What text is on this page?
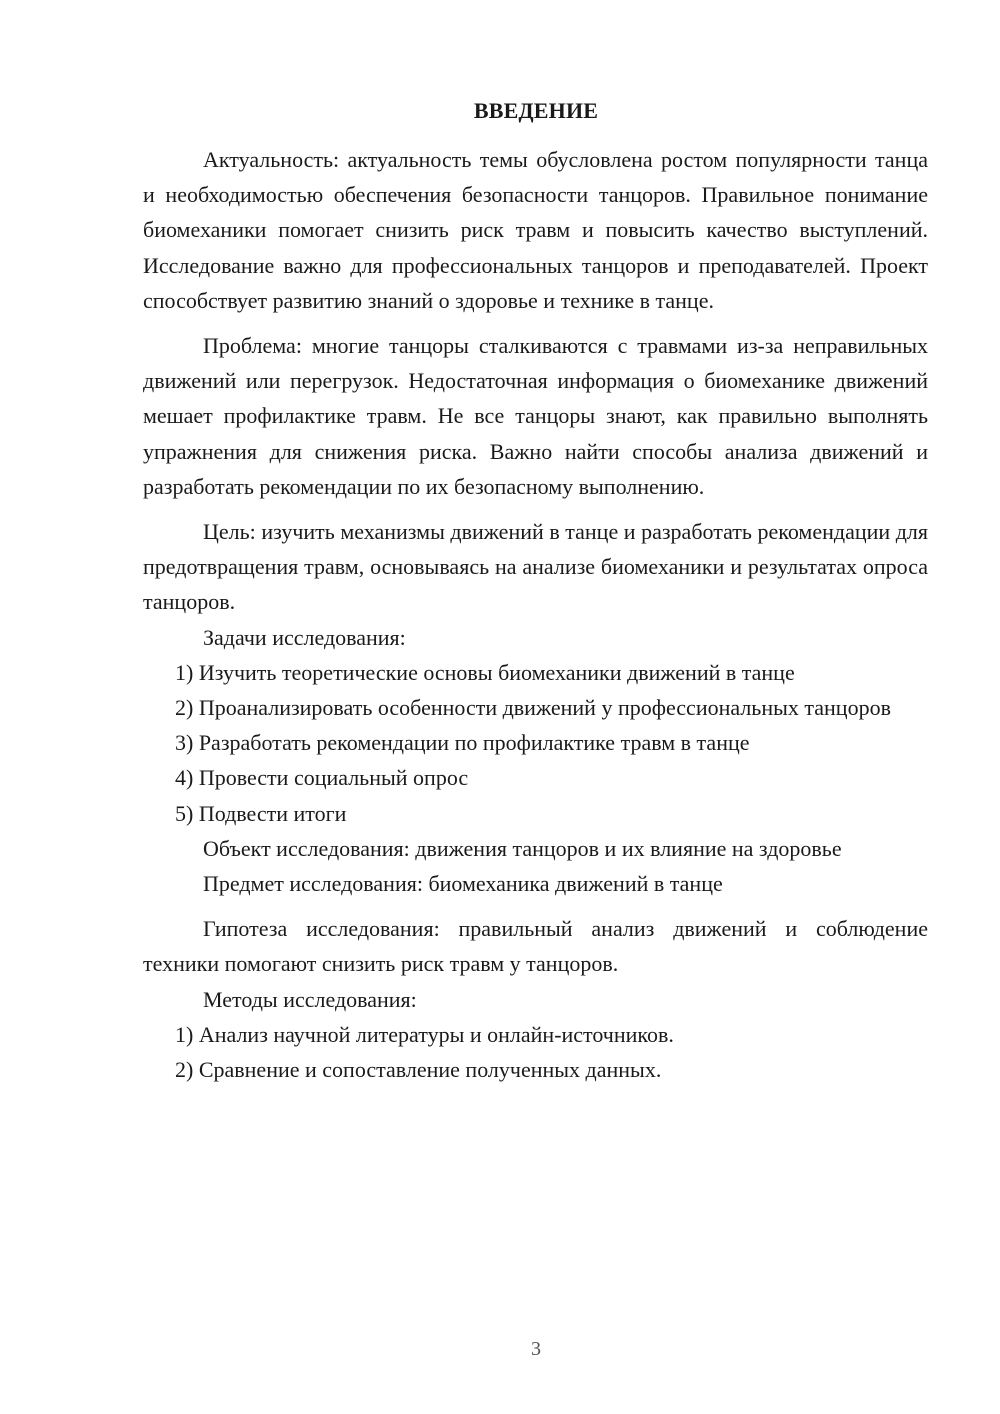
ВВЕДЕНИЕ

Актуальность: актуальность темы обусловлена ростом популярности танца и необходимостью обеспечения безопасности танцоров. Правильное понимание биомеханики помогает снизить риск травм и повысить качество выступлений. Исследование важно для профессиональных танцоров и преподавателей. Проект способствует развитию знаний о здоровье и технике в танце.

Проблема: многие танцоры сталкиваются с травмами из-за неправильных движений или перегрузок. Недостаточная информация о биомеханике движений мешает профилактике травм. Не все танцоры знают, как правильно выполнять упражнения для снижения риска. Важно найти способы анализа движений и разработать рекомендации по их безопасному выполнению.

Цель: изучить механизмы движений в танце и разработать рекомендации для предотвращения травм, основываясь на анализе биомеханики и результатах опроса танцоров.

Задачи исследования:

1) Изучить теоретические основы биомеханики движений в танце

2) Проанализировать особенности движений у профессиональных танцоров

3) Разработать рекомендации по профилактике травм в танце

4) Провести социальный опрос

5) Подвести итоги

Объект исследования: движения танцоров и их влияние на здоровье

Предмет исследования: биомеханика движений в танце

Гипотеза исследования: правильный анализ движений и соблюдение техники помогают снизить риск травм у танцоров.

Методы исследования:

1) Анализ научной литературы и онлайн-источников.

2) Сравнение и сопоставление полученных данных.

3
